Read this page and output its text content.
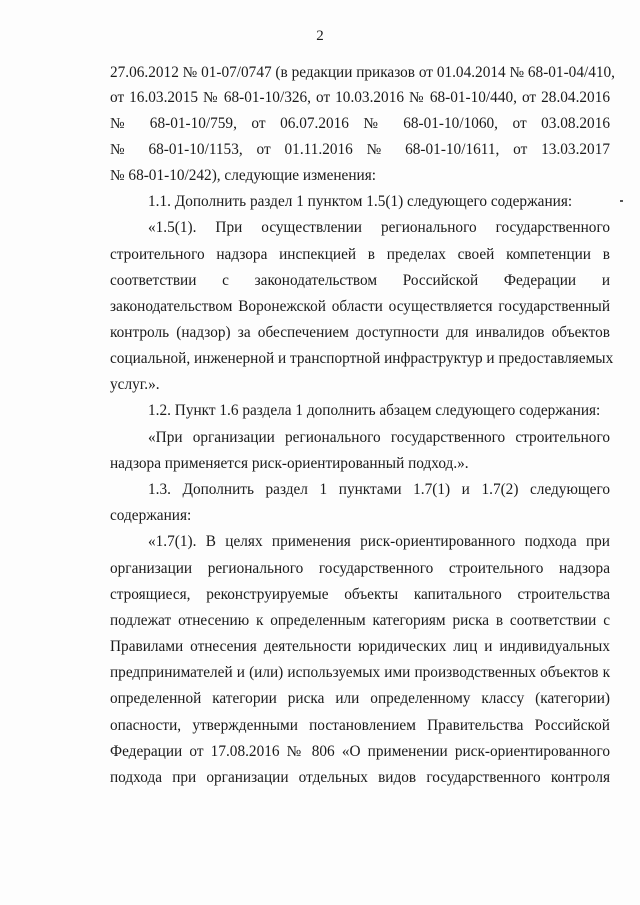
2
27.06.2012 № 01-07/0747 (в редакции приказов от 01.04.2014 № 68-01-04/410,
от 16.03.2015 № 68-01-10/326, от 10.03.2016 № 68-01-10/440, от 28.04.2016
№ 68-01-10/759, от 06.07.2016 № 68-01-10/1060, от 03.08.2016
№ 68-01-10/1153, от 01.11.2016 № 68-01-10/1611, от 13.03.2017
№ 68-01-10/242), следующие изменения:
1.1. Дополнить раздел 1 пунктом 1.5(1) следующего содержания:
«1.5(1). При осуществлении регионального государственного
строительного надзора инспекцией в пределах своей компетенции в
соответствии с законодательством Российской Федерации и
законодательством Воронежской области осуществляется государственный
контроль (надзор) за обеспечением доступности для инвалидов объектов
социальной, инженерной и транспортной инфраструктур и предоставляемых
услуг.».
1.2. Пункт 1.6 раздела 1 дополнить абзацем следующего содержания:
«При организации регионального государственного строительного
надзора применяется риск-ориентированный подход.».
1.3. Дополнить раздел 1 пунктами 1.7(1) и 1.7(2) следующего
содержания:
«1.7(1). В целях применения риск-ориентированного подхода при
организации регионального государственного строительного надзора
строящиеся, реконструируемые объекты капитального строительства
подлежат отнесению к определенным категориям риска в соответствии с
Правилами отнесения деятельности юридических лиц и индивидуальных
предпринимателей и (или) используемых ими производственных объектов к
определенной категории риска или определенному классу (категории)
опасности, утвержденными постановлением Правительства Российской
Федерации от 17.08.2016 № 806 «О применении риск-ориентированного
подхода при организации отдельных видов государственного контроля
